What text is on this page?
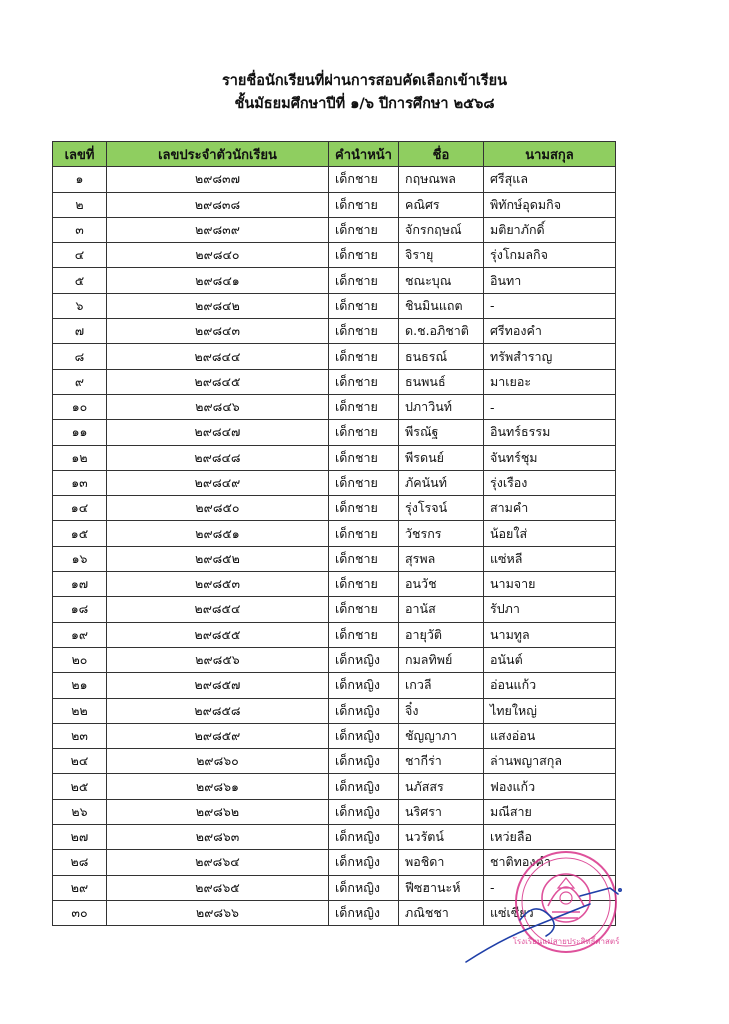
รายชื่อนักเรียนที่ผ่านการสอบคัดเลือกเข้าเรียน
ชั้นมัธยมศึกษาปีที่ ๑/๖ ปีการศึกษา ๒๕๖๘
เลขที่	เลขประจำตัวนักเรียน	คำนำหน้า	ชื่อ	นามสกุล
๑	๒๙๘๓๗	เด็กชาย	กฤษณพล	ศรีสุแล
๒	๒๙๘๓๘	เด็กชาย	คณิศร	พิทักษ์อุดมกิจ
๓	๒๙๘๓๙	เด็กชาย	จักรกฤษณ์	มติยาภักดิ์
๔	๒๙๘๔๐	เด็กชาย	จิรายุ	รุ่งโกมลกิจ
๕	๒๙๘๔๑	เด็กชาย	ชณะบุณ	อินทา
๖	๒๙๘๔๒	เด็กชาย	ชินมินแถต	-
๗	๒๙๘๔๓	เด็กชาย	ด.ช.อภิชาติ	ศรีทองคำ
๘	๒๙๘๔๔	เด็กชาย	ธนธรณ์	ทรัพสำราญ
๙	๒๙๘๔๕	เด็กชาย	ธนพนธ์	มาเยอะ
๑๐	๒๙๘๔๖	เด็กชาย	ปภาวินท์	-
๑๑	๒๙๘๔๗	เด็กชาย	พีรณัฐ	อินทร์ธรรม
๑๒	๒๙๘๔๘	เด็กชาย	พีรดนย์	จันทร์ชุม
๑๓	๒๙๘๔๙	เด็กชาย	ภัคนันท์	รุ่งเรือง
๑๔	๒๙๘๕๐	เด็กชาย	รุ่งโรจน์	สามคำ
๑๕	๒๙๘๕๑	เด็กชาย	วัชรกร	น้อยใส่
๑๖	๒๙๘๕๒	เด็กชาย	สุรพล	แซ่หลี
๑๗	๒๙๘๕๓	เด็กชาย	อนวัช	นามจาย
๑๘	๒๙๘๕๔	เด็กชาย	อานัส	รัปภา
๑๙	๒๙๘๕๕	เด็กชาย	อายุวัติ	นามทูล
๒๐	๒๙๘๕๖	เด็กหญิง	กมลทิพย์	อนันต์
๒๑	๒๙๘๕๗	เด็กหญิง	เกวลี	อ่อนแก้ว
๒๒	๒๙๘๕๘	เด็กหญิง	จิ๋ง	ไทยใหญ่
๒๓	๒๙๘๕๙	เด็กหญิง	ชัญญาภา	แสงอ่อน
๒๔	๒๙๘๖๐	เด็กหญิง	ชากีร่า	ล่านพญาสกุล
๒๕	๒๙๘๖๑	เด็กหญิง	นภัสสร	ฟองแก้ว
๒๖	๒๙๘๖๒	เด็กหญิง	นริศรา	มณีสาย
๒๗	๒๙๘๖๓	เด็กหญิง	นวรัตน์	เหว่ยลือ
๒๘	๒๙๘๖๔	เด็กหญิง	พอชิดา	ชาติทองคำ
๒๙	๒๙๘๖๕	เด็กหญิง	ฟีซฮานะห์	-
๓๐	๒๙๘๖๖	เด็กหญิง	ภณิชชา	แซ่เซียว
โรงเรียนแม่สายประสิทธิ์ศาสตร์
